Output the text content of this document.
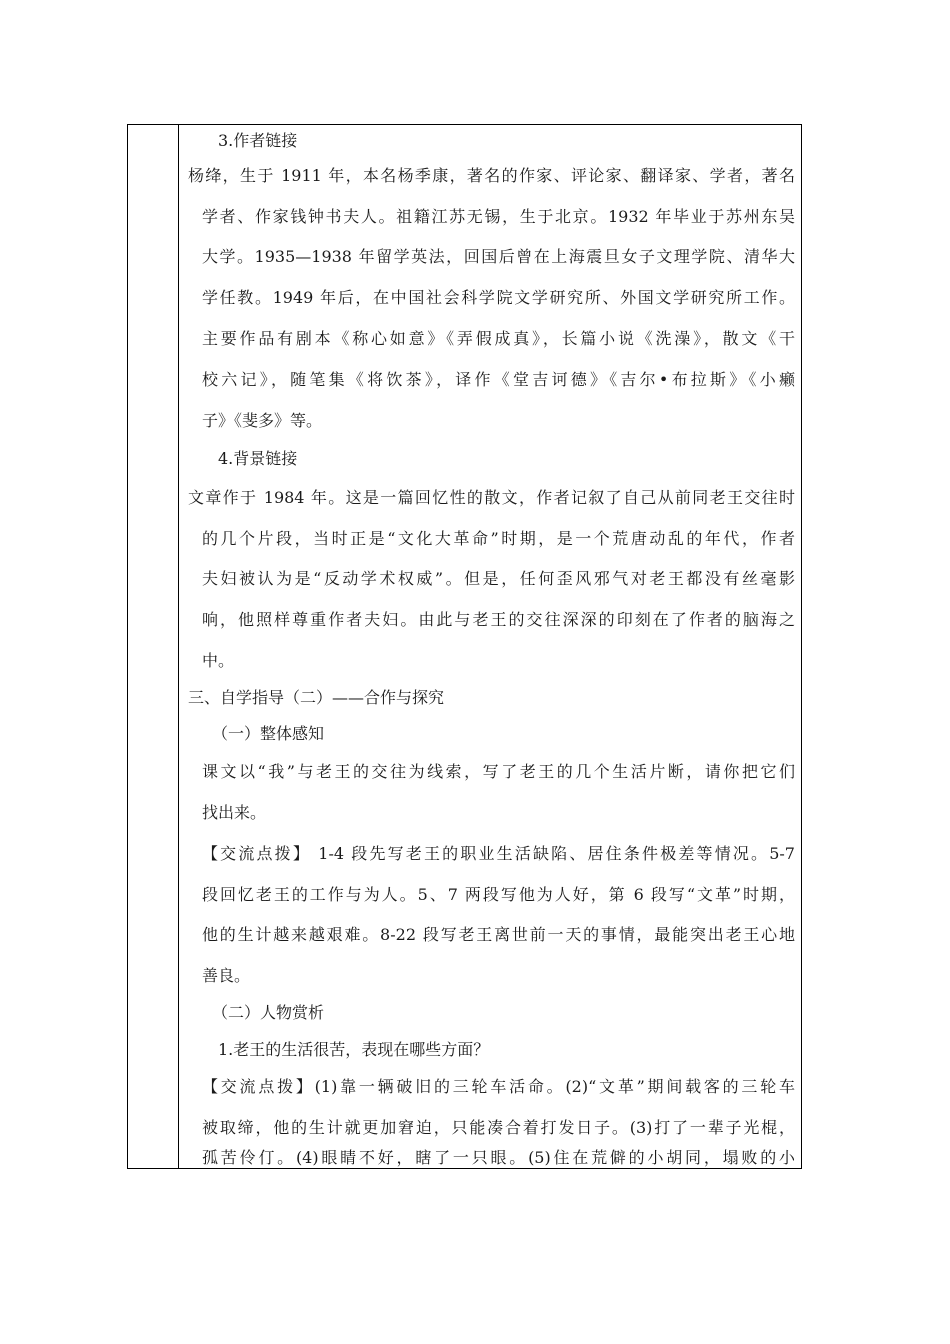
3.作者链接
杨绛，生于 1911 年，本名杨季康，著名的作家、评论家、翻译家、学者，著名
学者、作家钱钟书夫人。祖籍江苏无锡，生于北京。1932 年毕业于苏州东吴
大学。1935—1938 年留学英法，回国后曾在上海震旦女子文理学院、清华大
学任教。1949 年后，在中国社会科学院文学研究所、外国文学研究所工作。
主要作品有剧本《称心如意》《弄假成真》，长篇小说《洗澡》，散文《干
校六记》，随笔集《将饮茶》，译作《堂吉诃德》《吉尔•布拉斯》《小癞
子》《斐多》等。
4.背景链接
文章作于 1984 年。这是一篇回忆性的散文，作者记叙了自己从前同老王交往时
的几个片段，当时正是“文化大革命”时期，是一个荒唐动乱的年代，作者
夫妇被认为是“反动学术权威”。但是，任何歪风邪气对老王都没有丝毫影
响，他照样尊重作者夫妇。由此与老王的交往深深的印刻在了作者的脑海之
中。
三、自学指导（二）——合作与探究
（一）整体感知
课文以“我”与老王的交往为线索，写了老王的几个生活片断，请你把它们
找出来。
【交流点拨】 1-4 段先写老王的职业生活缺陷、居住条件极差等情况。5-7
段回忆老王的工作与为人。5、7 两段写他为人好，第 6 段写“文革”时期，
他的生计越来越艰难。8-22 段写老王离世前一天的事情，最能突出老王心地
善良。
（二）人物赏析
1.老王的生活很苦，表现在哪些方面？
【交流点拨】(1)靠一辆破旧的三轮车活命。(2)“文革”期间载客的三轮车
被取缔，他的生计就更加窘迫，只能凑合着打发日子。(3)打了一辈子光棍，
孤苦伶仃。(4)眼睛不好，瞎了一只眼。(5)住在荒僻的小胡同，塌败的小
